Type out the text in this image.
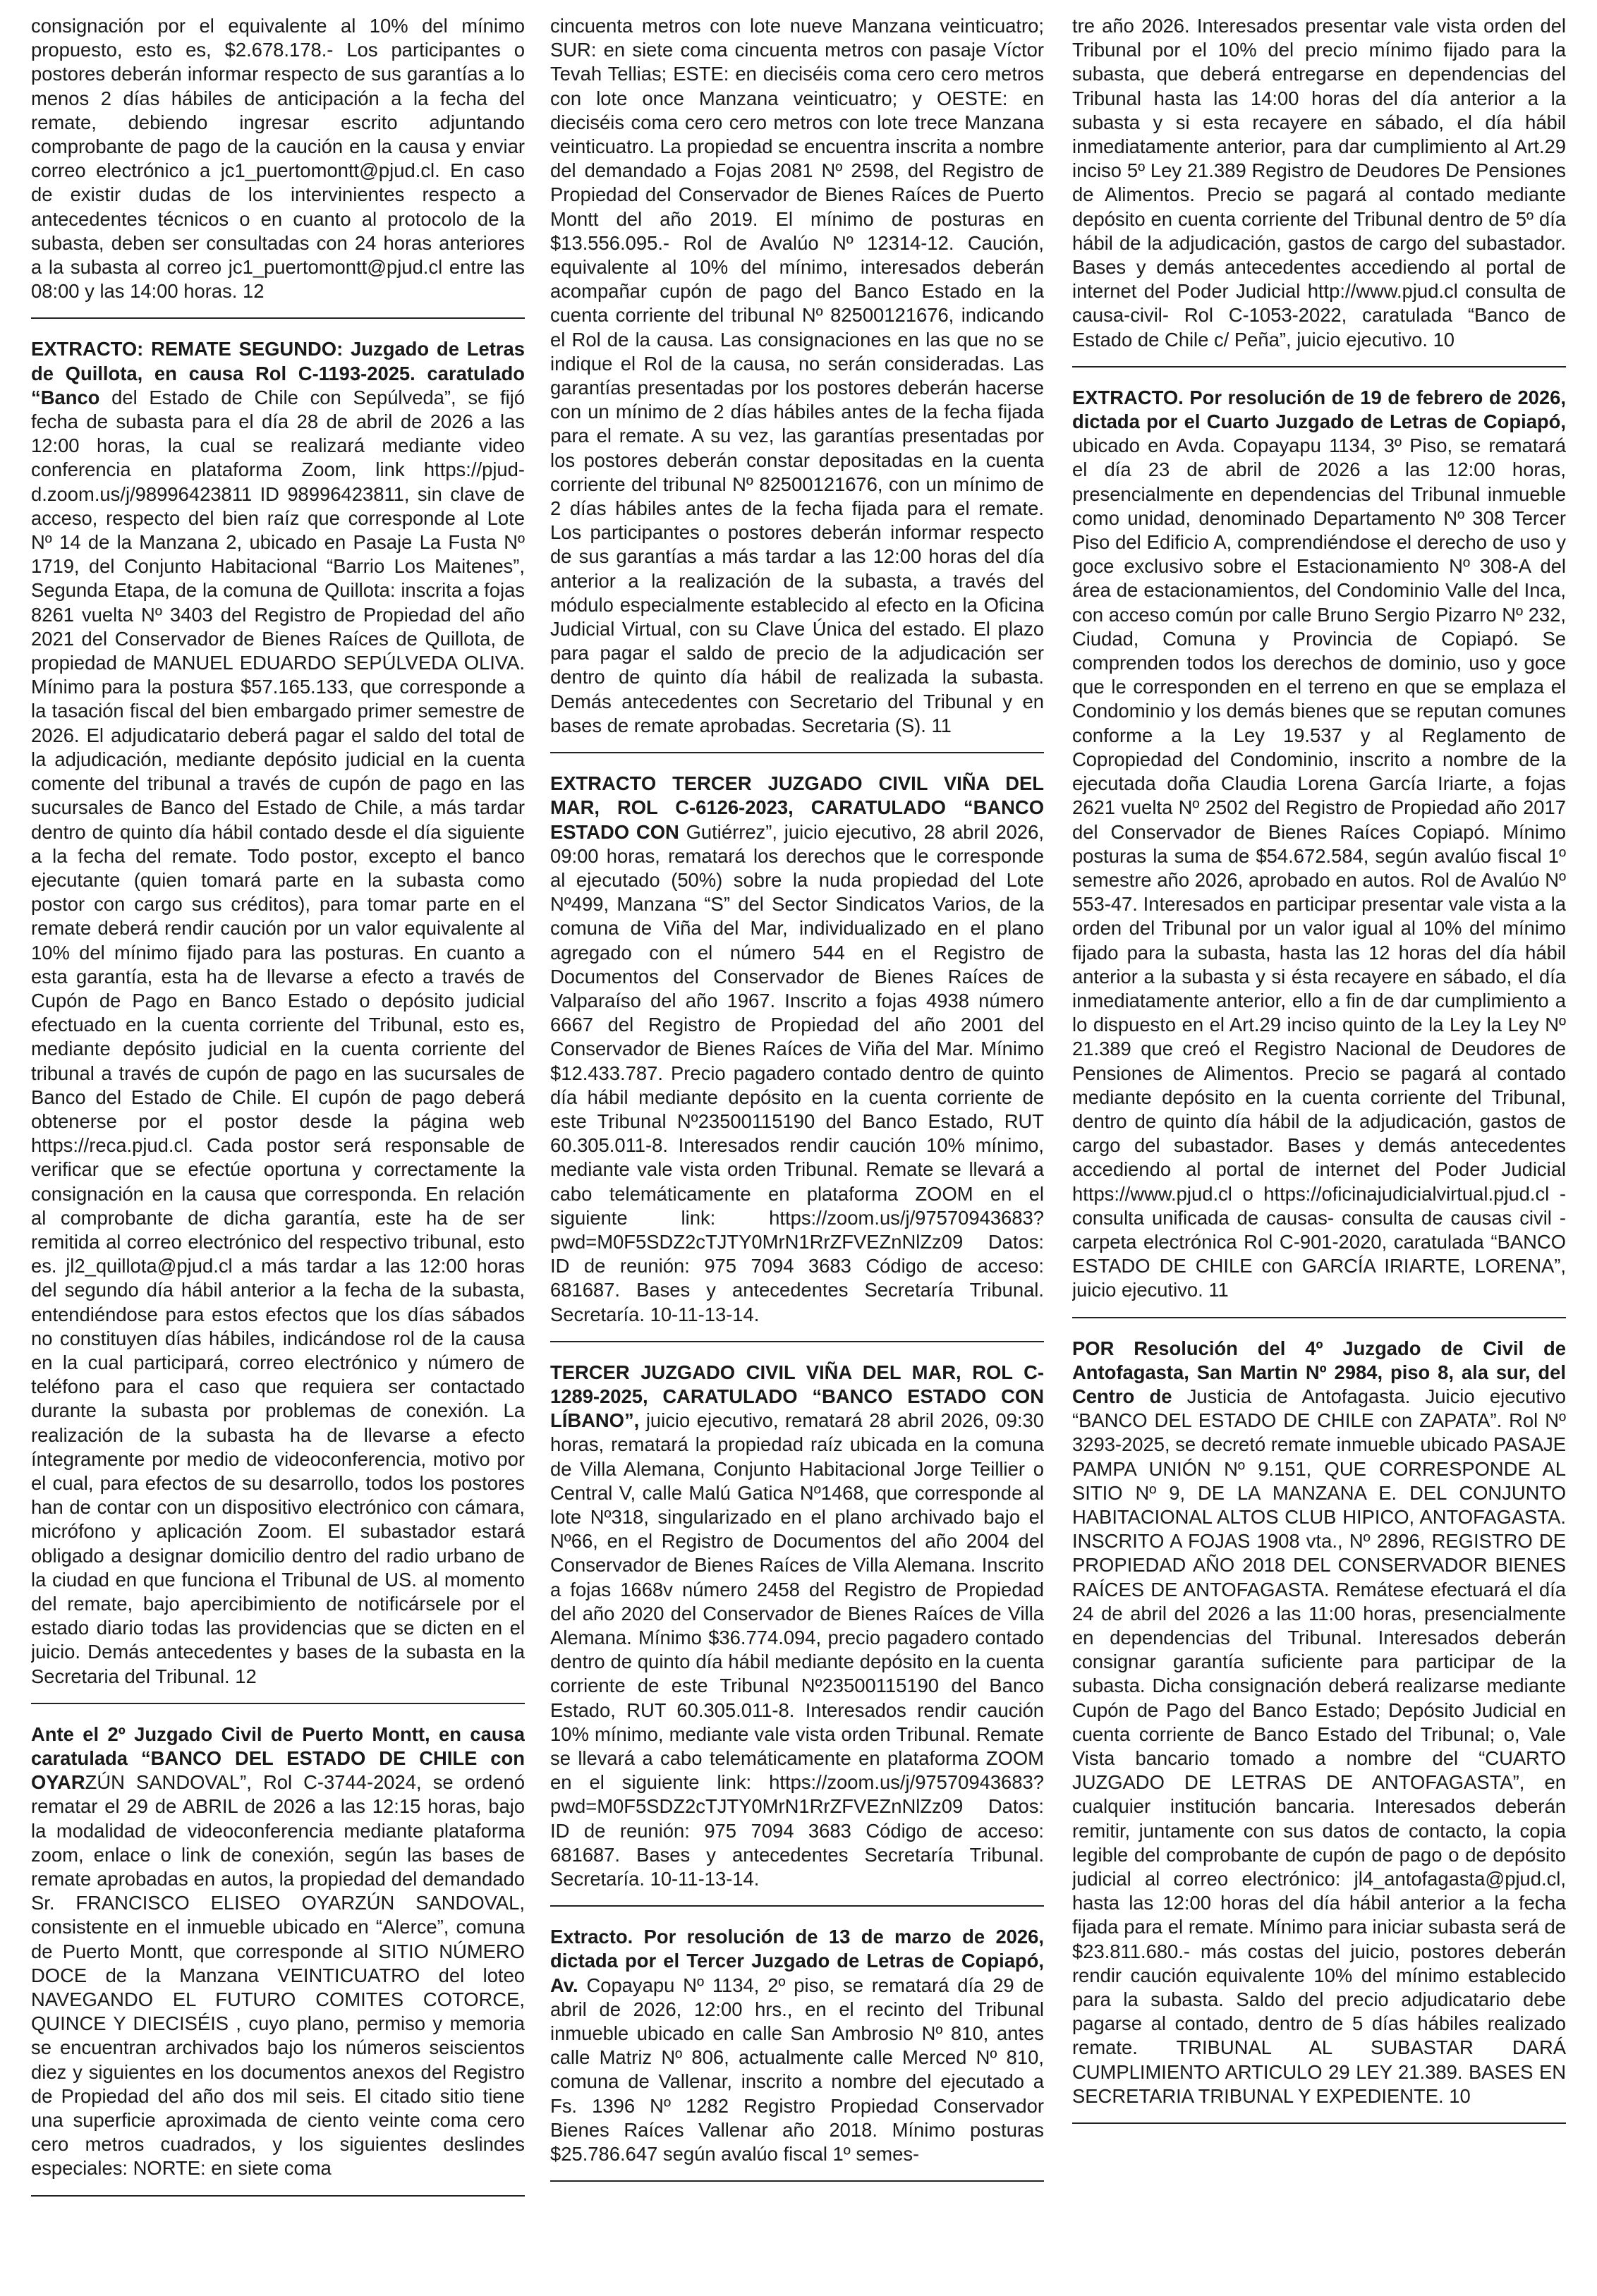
consignación por el equivalente al 10% del mínimo propuesto, esto es, $2.678.178.- Los participantes o postores deberán informar respecto de sus garantías a lo menos 2 días hábiles de anticipación a la fecha del remate, debiendo ingresar escrito adjuntando comprobante de pago de la caución en la causa y enviar correo electrónico a jc1_puertomontt@pjud.cl. En caso de existir dudas de los intervinientes respecto a antecedentes técnicos o en cuanto al protocolo de la subasta, deben ser consultadas con 24 horas anteriores a la subasta al correo jc1_puertomontt@pjud.cl entre las 08:00 y las 14:00 horas. 12

EXTRACTO: REMATE SEGUNDO: Juzgado de Letras de Quillota, en causa Rol C-1193-2025. caratulado “Banco del Estado de Chile con Sepúlveda”, se fijó fecha de subasta para el día 28 de abril de 2026 a las 12:00 horas, la cual se realizará mediante video conferencia en plataforma Zoom, link https://pjud-d.zoom.us/j/98996423811 ID 98996423811, sin clave de acceso, respecto del bien raíz que corresponde al Lote Nº 14 de la Manzana 2, ubicado en Pasaje La Fusta Nº 1719, del Conjunto Habitacional “Barrio Los Maitenes”, Segunda Etapa, de la comuna de Quillota: inscrita a fojas 8261 vuelta Nº 3403 del Registro de Propiedad del año 2021 del Conservador de Bienes Raíces de Quillota, de propiedad de MANUEL EDUARDO SEPÚLVEDA OLIVA. Mínimo para la postura $57.165.133, que corresponde a la tasación fiscal del bien embargado primer semestre de 2026. El adjudicatario deberá pagar el saldo del total de la adjudicación, mediante depósito judicial en la cuenta comente del tribunal a través de cupón de pago en las sucursales de Banco del Estado de Chile, a más tardar dentro de quinto día hábil contado desde el día siguiente a la fecha del remate. Todo postor, excepto el banco ejecutante (quien tomará parte en la subasta como postor con cargo sus créditos), para tomar parte en el remate deberá rendir caución por un valor equivalente al 10% del mínimo fijado para las posturas. En cuanto a esta garantía, esta ha de llevarse a efecto a través de Cupón de Pago en Banco Estado o depósito judicial efectuado en la cuenta corriente del Tribunal, esto es, mediante depósito judicial en la cuenta corriente del tribunal a través de cupón de pago en las sucursales de Banco del Estado de Chile. El cupón de pago deberá obtenerse por el postor desde la página web https://reca.pjud.cl. Cada postor será responsable de verificar que se efectúe oportuna y correctamente la consignación en la causa que corresponda. En relación al comprobante de dicha garantía, este ha de ser remitida al correo electrónico del respectivo tribunal, esto es. jl2_quillota@pjud.cl a más tardar a las 12:00 horas del segundo día hábil anterior a la fecha de la subasta, entendiéndose para estos efectos que los días sábados no constituyen días hábiles, indicándose rol de la causa en la cual participará, correo electrónico y número de teléfono para el caso que requiera ser contactado durante la subasta por problemas de conexión. La realización de la subasta ha de llevarse a efecto íntegramente por medio de videoconferencia, motivo por el cual, para efectos de su desarrollo, todos los postores han de contar con un dispositivo electrónico con cámara, micrófono y aplicación Zoom. El subastador estará obligado a designar domicilio dentro del radio urbano de la ciudad en que funciona el Tribunal de US. al momento del remate, bajo apercibimiento de notificársele por el estado diario todas las providencias que se dicten en el juicio. Demás antecedentes y bases de la subasta en la Secretaria del Tribunal. 12

Ante el 2º Juzgado Civil de Puerto Montt, en causa caratulada “BANCO DEL ESTADO DE CHILE con OYARZÚN SANDOVAL”, Rol C-3744-2024, se ordenó rematar el 29 de ABRIL de 2026 a las 12:15 horas, bajo la modalidad de videoconferencia mediante plataforma zoom, enlace o link de conexión, según las bases de remate aprobadas en autos, la propiedad del demandado Sr. FRANCISCO ELISEO OYARZÚN SANDOVAL, consistente en el inmueble ubicado en “Alerce”, comuna de Puerto Montt, que corresponde al SITIO NÚMERO DOCE de la Manzana VEINTICUATRO del loteo NAVEGANDO EL FUTURO COMITES COTORCE, QUINCE Y DIECISÉIS , cuyo plano, permiso y memoria se encuentran archivados bajo los números seiscientos diez y siguientes en los documentos anexos del Registro de Propiedad del año dos mil seis. El citado sitio tiene una superficie aproximada de ciento veinte coma cero cero metros cuadrados, y los siguientes deslindes especiales: NORTE: en siete coma

cincuenta metros con lote nueve Manzana veinticuatro; SUR: en siete coma cincuenta metros con pasaje Víctor Tevah Tellias; ESTE: en dieciséis coma cero cero metros con lote once Manzana veinticuatro; y OESTE: en dieciséis coma cero cero metros con lote trece Manzana veinticuatro. La propiedad se encuentra inscrita a nombre del demandado a Fojas 2081 Nº 2598, del Registro de Propiedad del Conservador de Bienes Raíces de Puerto Montt del año 2019. El mínimo de posturas en $13.556.095.- Rol de Avalúo Nº 12314-12. Caución, equivalente al 10% del mínimo, interesados deberán acompañar cupón de pago del Banco Estado en la cuenta corriente del tribunal Nº 82500121676, indicando el Rol de la causa. Las consignaciones en las que no se indique el Rol de la causa, no serán consideradas. Las garantías presentadas por los postores deberán hacerse con un mínimo de 2 días hábiles antes de la fecha fijada para el remate. A su vez, las garantías presentadas por los postores deberán constar depositadas en la cuenta corriente del tribunal Nº 82500121676, con un mínimo de 2 días hábiles antes de la fecha fijada para el remate. Los participantes o postores deberán informar respecto de sus garantías a más tardar a las 12:00 horas del día anterior a la realización de la subasta, a través del módulo especialmente establecido al efecto en la Oficina Judicial Virtual, con su Clave Única del estado. El plazo para pagar el saldo de precio de la adjudicación ser dentro de quinto día hábil de realizada la subasta. Demás antecedentes con Secretario del Tribunal y en bases de remate aprobadas. Secretaria (S). 11

EXTRACTO TERCER JUZGADO CIVIL VIÑA DEL MAR, ROL C-6126-2023, CARATULADO “BANCO ESTADO CON Gutiérrez”, juicio ejecutivo, 28 abril 2026, 09:00 horas, rematará los derechos que le corresponde al ejecutado (50%) sobre la nuda propiedad del Lote Nº499, Manzana “S” del Sector Sindicatos Varios, de la comuna de Viña del Mar, individualizado en el plano agregado con el número 544 en el Registro de Documentos del Conservador de Bienes Raíces de Valparaíso del año 1967. Inscrito a fojas 4938 número 6667 del Registro de Propiedad del año 2001 del Conservador de Bienes Raíces de Viña del Mar. Mínimo $12.433.787. Precio pagadero contado dentro de quinto día hábil mediante depósito en la cuenta corriente de este Tribunal Nº23500115190 del Banco Estado, RUT 60.305.011-8. Interesados rendir caución 10% mínimo, mediante vale vista orden Tribunal. Remate se llevará a cabo telemáticamente en plataforma ZOOM en el siguiente link: https://zoom.us/j/97570943683?pwd=M0F5SDZ2cTJTY0MrN1RrZFVEZnNlZz09 Datos: ID de reunión: 975 7094 3683 Código de acceso: 681687. Bases y antecedentes Secretaría Tribunal. Secretaría. 10-11-13-14.

TERCER JUZGADO CIVIL VIÑA DEL MAR, ROL C-1289-2025, CARATULADO “BANCO ESTADO CON LÍBANO”, juicio ejecutivo, rematará 28 abril 2026, 09:30 horas, rematará la propiedad raíz ubicada en la comuna de Villa Alemana, Conjunto Habitacional Jorge Teillier o Central V, calle Malú Gatica Nº1468, que corresponde al lote Nº318, singularizado en el plano archivado bajo el Nº66, en el Registro de Documentos del año 2004 del Conservador de Bienes Raíces de Villa Alemana. Inscrito a fojas 1668v número 2458 del Registro de Propiedad del año 2020 del Conservador de Bienes Raíces de Villa Alemana. Mínimo $36.774.094, precio pagadero contado dentro de quinto día hábil mediante depósito en la cuenta corriente de este Tribunal Nº23500115190 del Banco Estado, RUT 60.305.011-8. Interesados rendir caución 10% mínimo, mediante vale vista orden Tribunal. Remate se llevará a cabo telemáticamente en plataforma ZOOM en el siguiente link: https://zoom.us/j/97570943683?pwd=M0F5SDZ2cTJTY0MrN1RrZFVEZnNlZz09 Datos: ID de reunión: 975 7094 3683 Código de acceso: 681687. Bases y antecedentes Secretaría Tribunal. Secretaría. 10-11-13-14.

Extracto. Por resolución de 13 de marzo de 2026, dictada por el Tercer Juzgado de Letras de Copiapó, Av. Copayapu Nº 1134, 2º piso, se rematará día 29 de abril de 2026, 12:00 hrs., en el recinto del Tribunal inmueble ubicado en calle San Ambrosio Nº 810, antes calle Matriz Nº 806, actualmente calle Merced Nº 810, comuna de Vallenar, inscrito a nombre del ejecutado a Fs. 1396 Nº 1282 Registro Propiedad Conservador Bienes Raíces Vallenar año 2018. Mínimo posturas $25.786.647 según avalúo fiscal 1º semes-

tre año 2026. Interesados presentar vale vista orden del Tribunal por el 10% del precio mínimo fijado para la subasta, que deberá entregarse en dependencias del Tribunal hasta las 14:00 horas del día anterior a la subasta y si esta recayere en sábado, el día hábil inmediatamente anterior, para dar cumplimiento al Art.29 inciso 5º Ley 21.389 Registro de Deudores De Pensiones de Alimentos. Precio se pagará al contado mediante depósito en cuenta corriente del Tribunal dentro de 5º día hábil de la adjudicación, gastos de cargo del subastador. Bases y demás antecedentes accediendo al portal de internet del Poder Judicial http://www.pjud.cl consulta de causa-civil- Rol C-1053-2022, caratulada “Banco de Estado de Chile c/ Peña”, juicio ejecutivo. 10

EXTRACTO. Por resolución de 19 de febrero de 2026, dictada por el Cuarto Juzgado de Letras de Copiapó, ubicado en Avda. Copayapu 1134, 3º Piso, se rematará el día 23 de abril de 2026 a las 12:00 horas, presencialmente en dependencias del Tribunal inmueble como unidad, denominado Departamento Nº 308 Tercer Piso del Edificio A, comprendiéndose el derecho de uso y goce exclusivo sobre el Estacionamiento Nº 308-A del área de estacionamientos, del Condominio Valle del Inca, con acceso común por calle Bruno Sergio Pizarro Nº 232, Ciudad, Comuna y Provincia de Copiapó. Se comprenden todos los derechos de dominio, uso y goce que le corresponden en el terreno en que se emplaza el Condominio y los demás bienes que se reputan comunes conforme a la Ley 19.537 y al Reglamento de Copropiedad del Condominio, inscrito a nombre de la ejecutada doña Claudia Lorena García Iriarte, a fojas 2621 vuelta Nº 2502 del Registro de Propiedad año 2017 del Conservador de Bienes Raíces Copiapó. Mínimo posturas la suma de $54.672.584, según avalúo fiscal 1º semestre año 2026, aprobado en autos. Rol de Avalúo Nº 553-47. Interesados en participar presentar vale vista a la orden del Tribunal por un valor igual al 10% del mínimo fijado para la subasta, hasta las 12 horas del día hábil anterior a la subasta y si ésta recayere en sábado, el día inmediatamente anterior, ello a fin de dar cumplimiento a lo dispuesto en el Art.29 inciso quinto de la Ley la Ley Nº 21.389 que creó el Registro Nacional de Deudores de Pensiones de Alimentos. Precio se pagará al contado mediante depósito en la cuenta corriente del Tribunal, dentro de quinto día hábil de la adjudicación, gastos de cargo del subastador. Bases y demás antecedentes accediendo al portal de internet del Poder Judicial https://www.pjud.cl o https://oficinajudicialvirtual.pjud.cl -consulta unificada de causas- consulta de causas civil - carpeta electrónica Rol C-901-2020, caratulada “BANCO ESTADO DE CHILE con GARCÍA IRIARTE, LORENA”, juicio ejecutivo. 11

POR Resolución del 4º Juzgado de Civil de Antofagasta, San Martin Nº 2984, piso 8, ala sur, del Centro de Justicia de Antofagasta. Juicio ejecutivo “BANCO DEL ESTADO DE CHILE con ZAPATA”. Rol Nº 3293-2025, se decretó remate inmueble ubicado PASAJE PAMPA UNIÓN Nº 9.151, QUE CORRESPONDE AL SITIO Nº 9, DE LA MANZANA E. DEL CONJUNTO HABITACIONAL ALTOS CLUB HIPICO, ANTOFAGASTA. INSCRITO A FOJAS 1908 vta., Nº 2896, REGISTRO DE PROPIEDAD AÑO 2018 DEL CONSERVADOR BIENES RAÍCES DE ANTOFAGASTA. Remátese efectuará el día 24 de abril del 2026 a las 11:00 horas, presencialmente en dependencias del Tribunal. Interesados deberán consignar garantía suficiente para participar de la subasta. Dicha consignación deberá realizarse mediante Cupón de Pago del Banco Estado; Depósito Judicial en cuenta corriente de Banco Estado del Tribunal; o, Vale Vista bancario tomado a nombre del “CUARTO JUZGADO DE LETRAS DE ANTOFAGASTA”, en cualquier institución bancaria. Interesados deberán remitir, juntamente con sus datos de contacto, la copia legible del comprobante de cupón de pago o de depósito judicial al correo electrónico: jl4_antofagasta@pjud.cl, hasta las 12:00 horas del día hábil anterior a la fecha fijada para el remate. Mínimo para iniciar subasta será de $23.811.680.- más costas del juicio, postores deberán rendir caución equivalente 10% del mínimo establecido para la subasta. Saldo del precio adjudicatario debe pagarse al contado, dentro de 5 días hábiles realizado remate. TRIBUNAL AL SUBASTAR DARÁ CUMPLIMIENTO ARTICULO 29 LEY 21.389. BASES EN SECRETARIA TRIBUNAL Y EXPEDIENTE. 10
